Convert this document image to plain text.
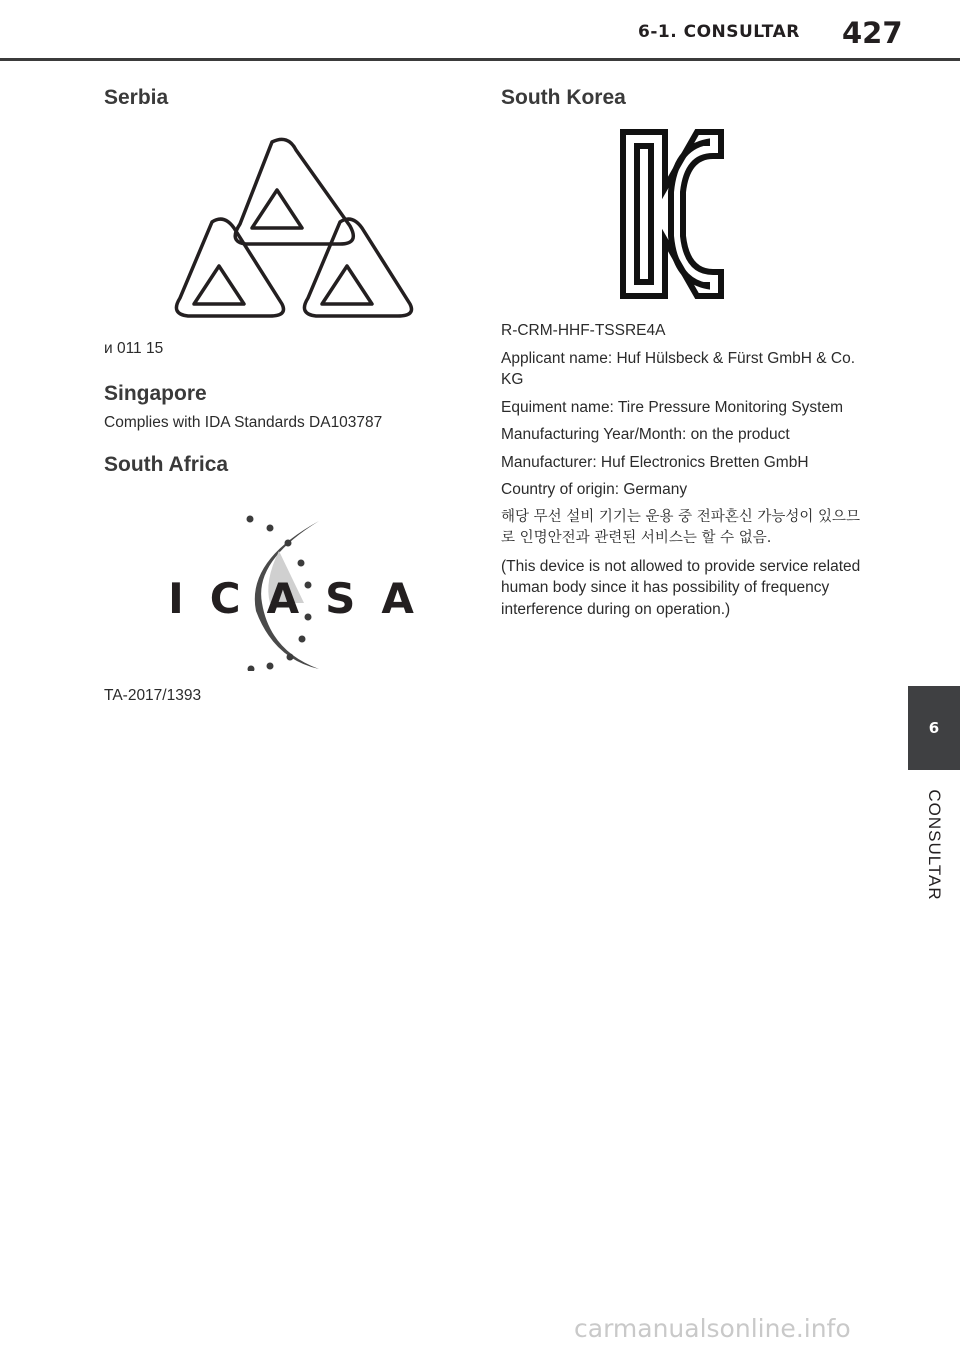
6-1. CONSULTAR 427
Serbia

и 011 15

Singapore

Complies with IDA Standards DA103787

South Africa
ICASA

TA-2017/1393

South Korea

R-CRM-HHF-TSSRE4A

Applicant name: Huf Hülsbeck & Fürst GmbH & Co. KG

Equiment name: Tire Pressure Monitoring System

Manufacturing Year/Month: on the product

Manufacturer: Huf Electronics Bretten GmbH

Country of origin: Germany

해당 무선 설비 기기는 운용 중 전파혼신 가능성이 있으므로 인명안전과 관련된 서비스는 할 수 없음.

(This device is not allowed to provide service related human body since it has possibility of frequency interference during on operation.)

6
CONSULTAR
carmanualsonline.info
